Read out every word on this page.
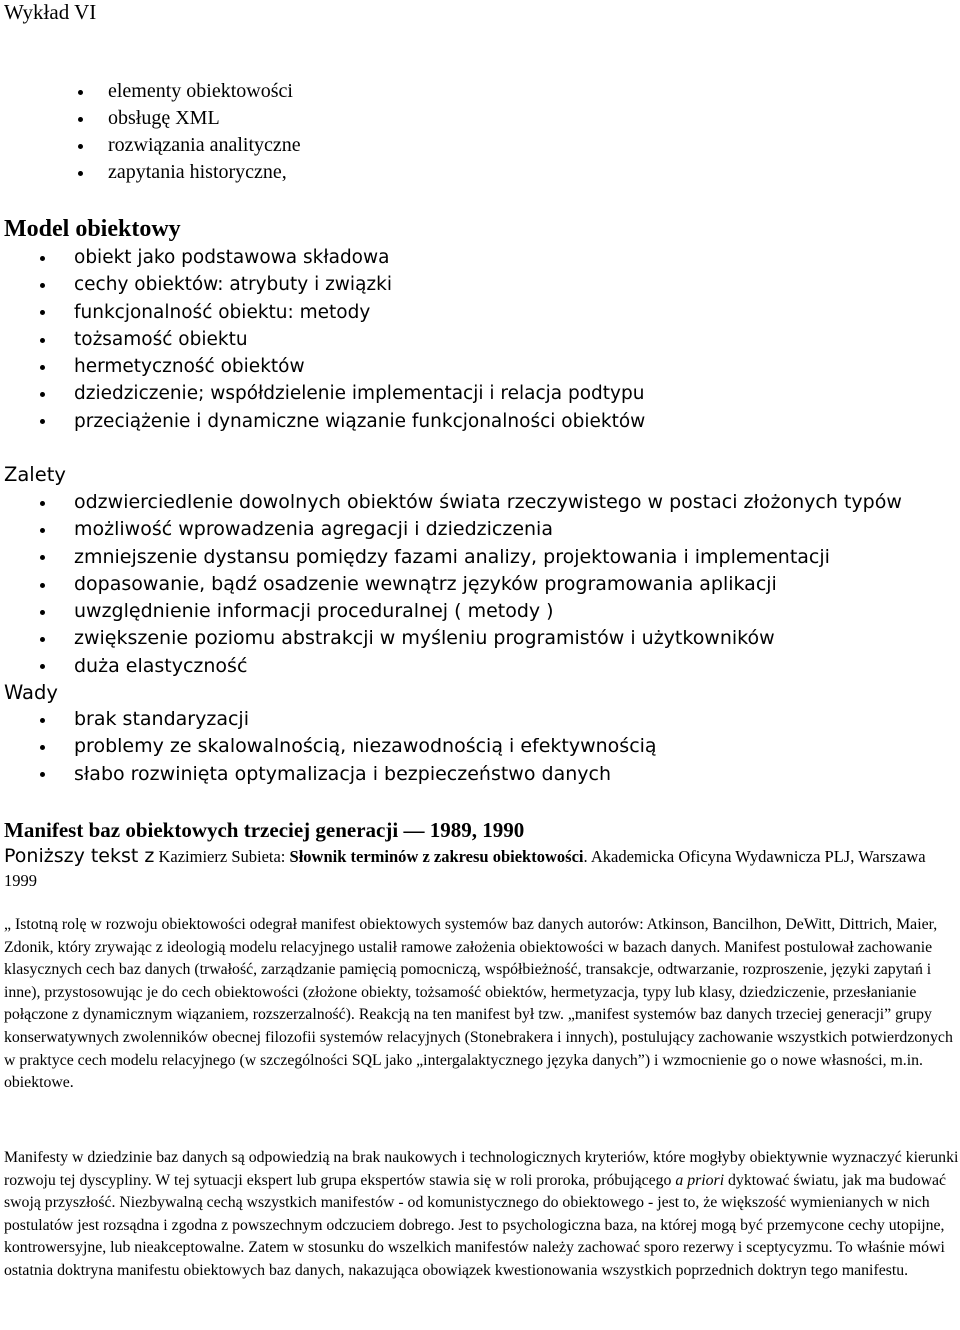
Wykład VI
elementy obiektowości
obsługę XML
rozwiązania analityczne
zapytania historyczne,
Model obiektowy
obiekt jako podstawowa składowa
cechy obiektów: atrybuty i związki
funkcjonalność obiektu: metody
tożsamość obiektu
hermetyczność obiektów
dziedziczenie; współdzielenie implementacji i relacja podtypu
przeciążenie i dynamiczne wiązanie funkcjonalności obiektów
Zalety
odzwierciedlenie dowolnych obiektów świata rzeczywistego w postaci złożonych typów
możliwość wprowadzenia agregacji i dziedziczenia
zmniejszenie dystansu pomiędzy fazami analizy, projektowania i implementacji
dopasowanie, bądź osadzenie wewnątrz języków programowania aplikacji
uwzględnienie informacji proceduralnej ( metody )
zwiększenie poziomu abstrakcji w myśleniu programistów i użytkowników
duża elastyczność
Wady
brak standaryzacji
problemy ze skalowalnością, niezawodnością i efektywnością
słabo rozwinięta optymalizacja i bezpieczeństwo danych
Manifest baz obiektowych trzeciej generacji — 1989, 1990
Poniższy tekst z Kazimierz Subieta: Słownik terminów z zakresu obiektowości. Akademicka Oficyna Wydawnicza PLJ, Warszawa 1999
„ Istotną rolę w rozwoju obiektowości odegrał manifest obiektowych systemów baz danych autorów: Atkinson, Bancilhon, DeWitt, Dittrich, Maier, Zdonik, który zrywając z ideologią modelu relacyjnego ustalił ramowe założenia obiektowości w bazach danych. Manifest postulował zachowanie klasycznych cech baz danych (trwałość, zarządzanie pamięcią pomocniczą, współbieżność, transakcje, odtwarzanie, rozproszenie, języki zapytań i inne), przystosowując je do cech obiektowości (złożone obiekty, tożsamość obiektów, hermetyzacja, typy lub klasy, dziedziczenie, przesłanianie połączone z dynamicznym wiązaniem, rozszerzalność). Reakcją na ten manifest był tzw. „manifest systemów baz danych trzeciej generacji” grupy konserwatywnych zwolenników obecnej filozofii systemów relacyjnych (Stonebrakera i innych), postulujący zachowanie wszystkich potwierdzonych w praktyce cech modelu relacyjnego (w szczególności SQL jako „intergalaktycznego języka danych”) i wzmocnienie go o nowe własności, m.in. obiektowe.
Manifesty w dziedzinie baz danych są odpowiedzią na brak naukowych i technologicznych kryteriów, które mogłyby obiektywnie wyznaczyć kierunki rozwoju tej dyscypliny. W tej sytuacji ekspert lub grupa ekspertów stawia się w roli proroka, próbującego a priori dyktować światu, jak ma budować swoją przyszłość. Niezbywalną cechą wszystkich manifestów - od komunistycznego do obiektowego - jest to, że większość wymienianych w nich postulatów jest rozsądna i zgodna z powszechnym odczuciem dobrego. Jest to psychologiczna baza, na której mogą być przemycone cechy utopijne, kontrowersyjne, lub nieakceptowalne. Zatem w stosunku do wszelkich manifestów należy zachować sporo rezerwy i sceptycyzmu. To właśnie mówi ostatnia doktryna manifestu obiektowych baz danych, nakazująca obowiązek kwestionowania wszystkich poprzednich doktryn tego manifestu.
